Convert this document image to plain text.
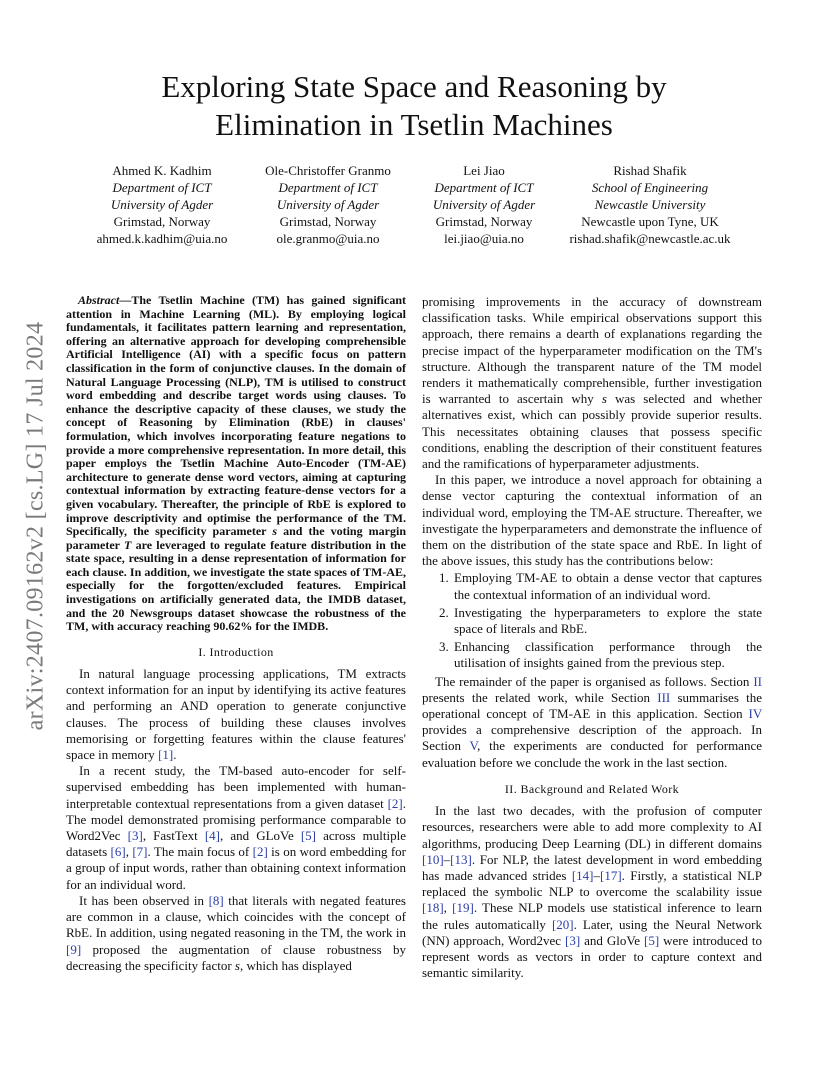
arXiv:2407.09162v2 [cs.LG] 17 Jul 2024
Exploring State Space and Reasoning by Elimination in Tsetlin Machines
Ahmed K. Kadhim
Department of ICT
University of Agder
Grimstad, Norway
ahmed.k.kadhim@uia.no
Ole-Christoffer Granmo
Department of ICT
University of Agder
Grimstad, Norway
ole.granmo@uia.no
Lei Jiao
Department of ICT
University of Agder
Grimstad, Norway
lei.jiao@uia.no
Rishad Shafik
School of Engineering
Newcastle University
Newcastle upon Tyne, UK
rishad.shafik@newcastle.ac.uk

Abstract—The Tsetlin Machine (TM) has gained significant attention in Machine Learning (ML). By employing logical fundamentals, it facilitates pattern learning and representation, offering an alternative approach for developing comprehensible Artificial Intelligence (AI) with a specific focus on pattern classification in the form of conjunctive clauses. In the domain of Natural Language Processing (NLP), TM is utilised to construct word embedding and describe target words using clauses. To enhance the descriptive capacity of these clauses, we study the concept of Reasoning by Elimination (RbE) in clauses' formulation, which involves incorporating feature negations to provide a more comprehensive representation. In more detail, this paper employs the Tsetlin Machine Auto-Encoder (TM-AE) architecture to generate dense word vectors, aiming at capturing contextual information by extracting feature-dense vectors for a given vocabulary. Thereafter, the principle of RbE is explored to improve descriptivity and optimise the performance of the TM. Specifically, the specificity parameter s and the voting margin parameter T are leveraged to regulate feature distribution in the state space, resulting in a dense representation of information for each clause. In addition, we investigate the state spaces of TM-AE, especially for the forgotten/excluded features. Empirical investigations on artificially generated data, the IMDB dataset, and the 20 Newsgroups dataset showcase the robustness of the TM, with accuracy reaching 90.62% for the IMDB.

I. Introduction

In natural language processing applications, TM extracts context information for an input by identifying its active features and performing an AND operation to generate conjunctive clauses. The process of building these clauses involves memorising or forgetting features within the clause features' space in memory [1].

In a recent study, the TM-based auto-encoder for self-supervised embedding has been implemented with human-interpretable contextual representations from a given dataset [2]. The model demonstrated promising performance comparable to Word2Vec [3], FastText [4], and GLoVe [5] across multiple datasets [6], [7]. The main focus of [2] is on word embedding for a group of input words, rather than obtaining context information for an individual word.

It has been observed in [8] that literals with negated features are common in a clause, which coincides with the concept of RbE. In addition, using negated reasoning in the TM, the work in [9] proposed the augmentation of clause robustness by decreasing the specificity factor s, which has displayed

promising improvements in the accuracy of downstream classification tasks. While empirical observations support this approach, there remains a dearth of explanations regarding the precise impact of the hyperparameter modification on the TM's structure. Although the transparent nature of the TM model renders it mathematically comprehensible, further investigation is warranted to ascertain why s was selected and whether alternatives exist, which can possibly provide superior results. This necessitates obtaining clauses that possess specific conditions, enabling the description of their constituent features and the ramifications of hyperparameter adjustments.

In this paper, we introduce a novel approach for obtaining a dense vector capturing the contextual information of an individual word, employing the TM-AE structure. Thereafter, we investigate the hyperparameters and demonstrate the influence of them on the distribution of the state space and RbE. In light of the above issues, this study has the contributions below:

1. Employing TM-AE to obtain a dense vector that captures the contextual information of an individual word.
2. Investigating the hyperparameters to explore the state space of literals and RbE.
3. Enhancing classification performance through the utilisation of insights gained from the previous step.

The remainder of the paper is organised as follows. Section II presents the related work, while Section III summarises the operational concept of TM-AE in this application. Section IV provides a comprehensive description of the approach. In Section V, the experiments are conducted for performance evaluation before we conclude the work in the last section.

II. Background and Related Work

In the last two decades, with the profusion of computer resources, researchers were able to add more complexity to AI algorithms, producing Deep Learning (DL) in different domains [10]–[13]. For NLP, the latest development in word embedding has made advanced strides [14]–[17]. Firstly, a statistical NLP replaced the symbolic NLP to overcome the scalability issue [18], [19]. These NLP models use statistical inference to learn the rules automatically [20]. Later, using the Neural Network (NN) approach, Word2vec [3] and GloVe [5] were introduced to represent words as vectors in order to capture context and semantic similarity.
